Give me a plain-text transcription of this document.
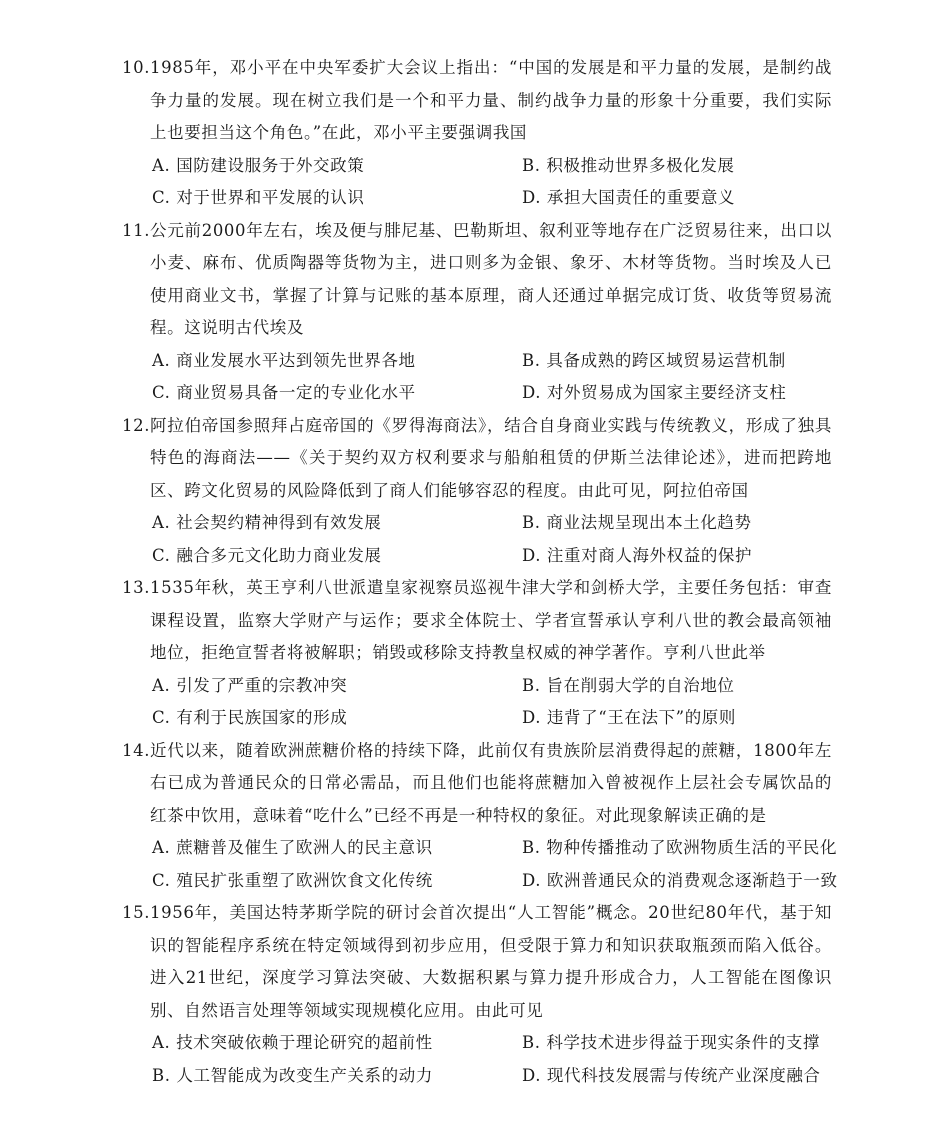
10. 1985年，邓小平在中央军委扩大会议上指出：“中国的发展是和平力量的发展，是制约战争力量的发展。现在树立我们是一个和平力量、制约战争力量的形象十分重要，我们实际上也要担当这个角色。”在此，邓小平主要强调我国
A. 国防建设服务于外交政策	B. 积极推动世界多极化发展
C. 对于世界和平发展的认识	D. 承担大国责任的重要意义
11. 公元前2000年左右，埃及便与腓尼基、巴勒斯坦、叙利亚等地存在广泛贸易往来，出口以小麦、麻布、优质陶器等货物为主，进口则多为金银、象牙、木材等货物。当时埃及人已使用商业文书，掌握了计算与记账的基本原理，商人还通过单据完成订货、收货等贸易流程。这说明古代埃及
A. 商业发展水平达到领先世界各地	B. 具备成熟的跨区域贸易运营机制
C. 商业贸易具备一定的专业化水平	D. 对外贸易成为国家主要经济支柱
12. 阿拉伯帝国参照拜占庭帝国的《罗得海商法》，结合自身商业实践与传统教义，形成了独具特色的海商法——《关于契约双方权利要求与船舶租赁的伊斯兰法律论述》，进而把跨地区、跨文化贸易的风险降低到了商人们能够容忍的程度。由此可见，阿拉伯帝国
A. 社会契约精神得到有效发展	B. 商业法规呈现出本土化趋势
C. 融合多元文化助力商业发展	D. 注重对商人海外权益的保护
13. 1535年秋，英王亨利八世派遣皇家视察员巡视牛津大学和剑桥大学，主要任务包括：审查课程设置，监察大学财产与运作；要求全体院士、学者宣誓承认亨利八世的教会最高领袖地位，拒绝宣誓者将被解职；销毁或移除支持教皇权威的神学著作。亨利八世此举
A. 引发了严重的宗教冲突	B. 旨在削弱大学的自治地位
C. 有利于民族国家的形成	D. 违背了“王在法下”的原则
14. 近代以来，随着欧洲蔗糖价格的持续下降，此前仅有贵族阶层消费得起的蔗糖，1800年左右已成为普通民众的日常必需品，而且他们也能将蔗糖加入曾被视作上层社会专属饮品的红茶中饮用，意味着“吃什么”已经不再是一种特权的象征。对此现象解读正确的是
A. 蔗糖普及催生了欧洲人的民主意识	B. 物种传播推动了欧洲物质生活的平民化
C. 殖民扩张重塑了欧洲饮食文化传统	D. 欧洲普通民众的消费观念逐渐趋于一致
15. 1956年，美国达特茅斯学院的研讨会首次提出“人工智能”概念。20世纪80年代，基于知识的智能程序系统在特定领域得到初步应用，但受限于算力和知识获取瓶颈而陷入低谷。进入21世纪，深度学习算法突破、大数据积累与算力提升形成合力，人工智能在图像识别、自然语言处理等领域实现规模化应用。由此可见
A. 技术突破依赖于理论研究的超前性	B. 科学技术进步得益于现实条件的支撑
B. 人工智能成为改变生产关系的动力	D. 现代科技发展需与传统产业深度融合
